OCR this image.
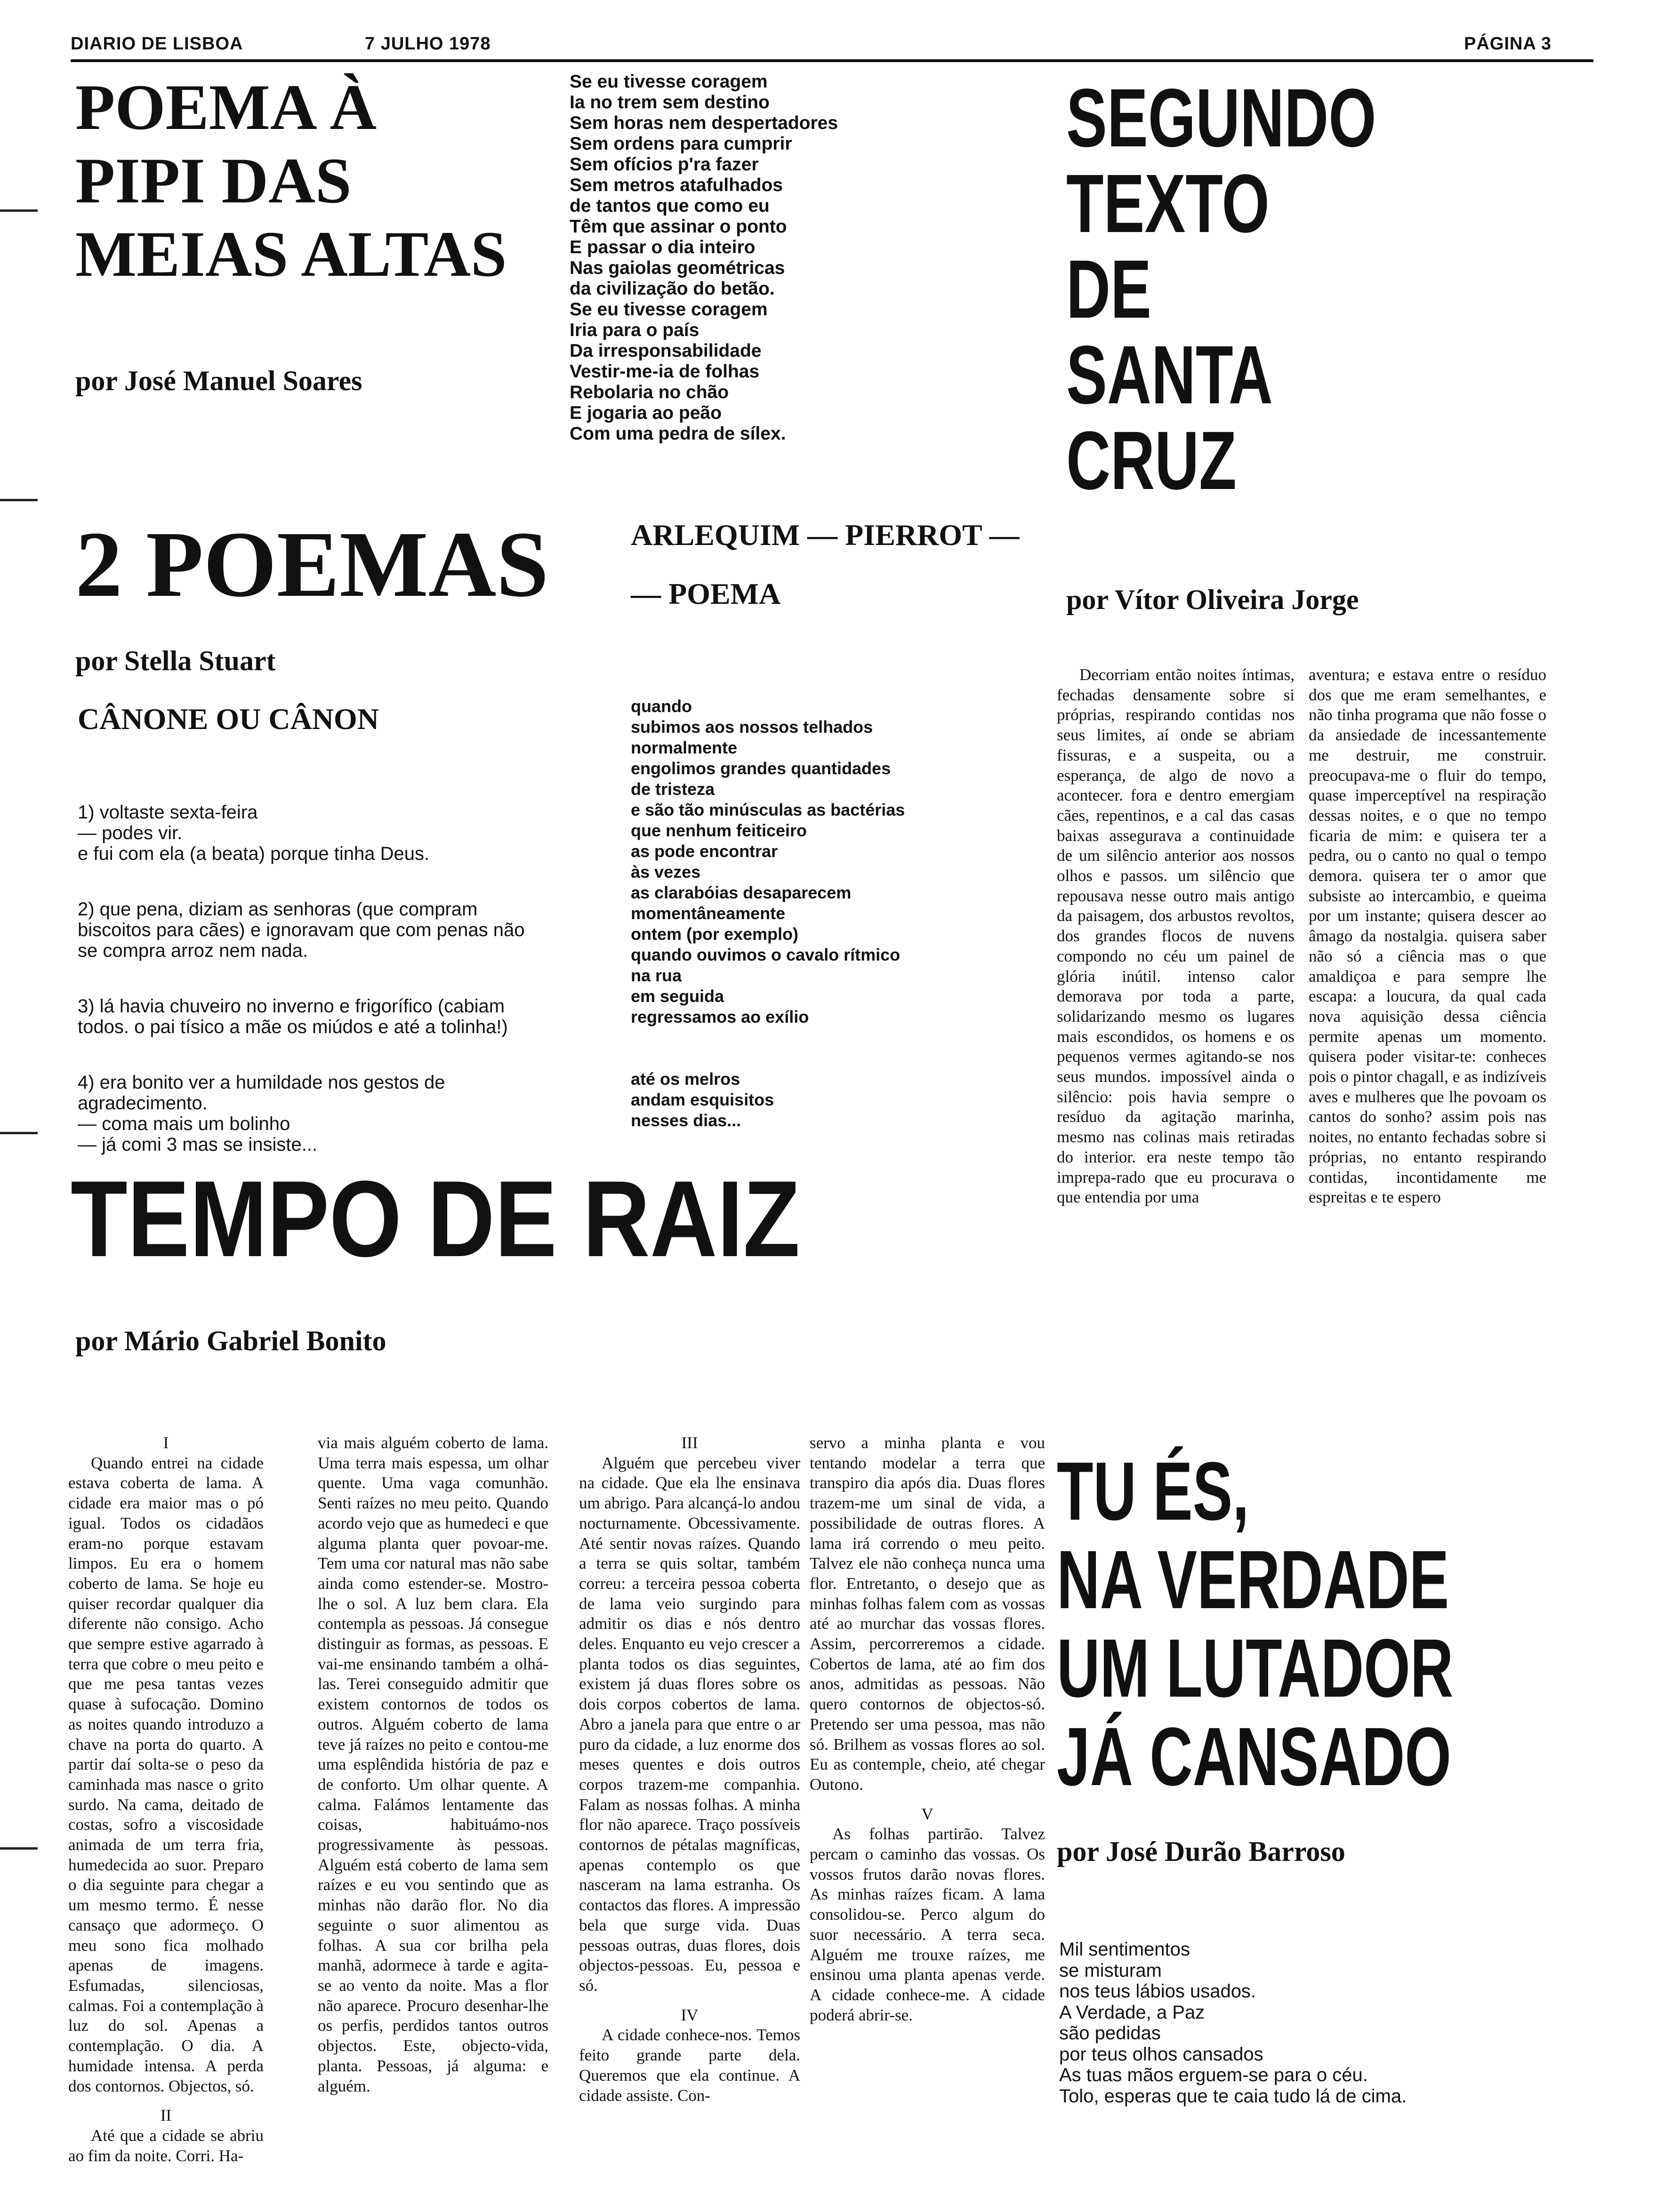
DIARIO DE LISBOA	7 JULHO 1978	PÁGINA 3
POEMA À
PIPI DAS
MEIAS ALTAS
por José Manuel Soares
Se eu tivesse coragem
Ia no trem sem destino
Sem horas nem despertadores
Sem ordens para cumprir
Sem ofícios p'ra fazer
Sem metros atafulhados
de tantos que como eu
Têm que assinar o ponto
E passar o dia inteiro
Nas gaiolas geométricas
da civilização do betão.
Se eu tivesse coragem
Iria para o país
Da irresponsabilidade
Vestir-me-ia de folhas
Rebolaria no chão
E jogaria ao peão
Com uma pedra de sílex.
SEGUNDO
TEXTO
DE
SANTA
CRUZ
por Vítor Oliveira Jorge

Decorriam então noites íntimas, fechadas densamente sobre si próprias, respirando contidas nos seus limites, aí onde se abriam fissuras, e a suspeita, ou a esperança, de algo de novo a acontecer. fora e dentro emergiam cães, repentinos, e a cal das casas baixas assegurava a continuidade de um silêncio anterior aos nossos olhos e passos. um silêncio que repousava nesse outro mais antigo da paisagem, dos arbustos revoltos, dos grandes flocos de nuvens compondo no céu um painel de glória inútil. intenso calor demorava por toda a parte, solidarizando mesmo os lugares mais escondidos, os homens e os pequenos vermes agitando-se nos seus mundos. impossível ainda o silêncio: pois havia sempre o resíduo da agitação marinha, mesmo nas colinas mais retiradas do interior. era neste tempo tão imprepa-rado que eu procurava o que entendia por uma

aventura; e estava entre o resíduo dos que me eram semelhantes, e não tinha programa que não fosse o da ansiedade de incessantemente me destruir, me construir. preocupava-me o fluir do tempo, quase imperceptível na respiração dessas noites, e o que no tempo ficaria de mim: e quisera ter a pedra, ou o canto no qual o tempo demora. quisera ter o amor que subsiste ao intercambio, e queima por um instante; quisera descer ao âmago da nostalgia. quisera saber não só a ciência mas o que amaldiçoa e para sempre lhe escapa: a loucura, da qual cada nova aquisição dessa ciência permite apenas um momento. quisera poder visitar-te: conheces pois o pintor chagall, e as indizíveis aves e mulheres que lhe povoam os cantos do sonho? assim pois nas noites, no entanto fechadas sobre si próprias, no entanto respirando contidas, incontidamente me espreitas e te espero

2 POEMAS
por Stella Stuart
CÂNONE OU CÂNON

1) voltaste sexta-feira
— podes vir.
e fui com ela (a beata) porque tinha Deus.

2) que pena, diziam as senhoras (que compram biscoitos para cães) e ignoravam que com penas não se compra arroz nem nada.

3) lá havia chuveiro no inverno e frigorífico (cabiam todos. o pai tísico a mãe os miúdos e até a tolinha!)

4) era bonito ver a humildade nos gestos de agradecimento.
— coma mais um bolinho
— já comi 3 mas se insiste...

ARLEQUIM — PIERROT —
— POEMA

quando
subimos aos nossos telhados
normalmente
engolimos grandes quantidades
de tristeza
e são tão minúsculas as bactérias
que nenhum feiticeiro
as pode encontrar
às vezes
as clarabóias desaparecem
momentâneamente
ontem (por exemplo)
quando ouvimos o cavalo rítmico
na rua
em seguida
regressamos ao exílio

até os melros
andam esquisitos
nesses dias...

TEMPO DE RAIZ
por Mário Gabriel Bonito
I

Quando entrei na cidade estava coberta de lama. A cidade era maior mas o pó igual. Todos os cidadãos eram-no porque estavam limpos. Eu era o homem coberto de lama. Se hoje eu quiser recordar qualquer dia diferente não consigo. Acho que sempre estive agarrado à terra que cobre o meu peito e que me pesa tantas vezes quase à sufocação. Domino as noites quando introduzo a chave na porta do quarto. A partir daí solta-se o peso da caminhada mas nasce o grito surdo. Na cama, deitado de costas, sofro a viscosidade animada de um terra fria, humedecida ao suor. Preparo o dia seguinte para chegar a um mesmo termo. É nesse cansaço que adormeço. O meu sono fica molhado apenas de imagens. Esfumadas, silenciosas, calmas. Foi a contemplação à luz do sol. Apenas a contemplação. O dia. A humidade intensa. A perda dos contornos. Objectos, só.

II

Até que a cidade se abriu ao fim da noite. Corri. Ha-

via mais alguém coberto de lama. Uma terra mais espessa, um olhar quente. Uma vaga comunhão. Senti raízes no meu peito. Quando acordo vejo que as humedeci e que alguma planta quer povoar-me. Tem uma cor natural mas não sabe ainda como estender-se. Mostro-lhe o sol. A luz bem clara. Ela contempla as pessoas. Já consegue distinguir as formas, as pessoas. E vai-me ensinando também a olhá-las. Terei conseguido admitir que existem contornos de todos os outros. Alguém coberto de lama teve já raízes no peito e contou-me uma esplêndida história de paz e de conforto. Um olhar quente. A calma. Falámos lentamente das coisas, habituámo-nos progressivamente às pessoas. Alguém está coberto de lama sem raízes e eu vou sentindo que as minhas não darão flor. No dia seguinte o suor alimentou as folhas. A sua cor brilha pela manhã, adormece à tarde e agita-se ao vento da noite. Mas a flor não aparece. Procuro desenhar-lhe os perfis, perdidos tantos outros objectos. Este, objecto-vida, planta. Pessoas, já alguma: e alguém.

III

Alguém que percebeu viver na cidade. Que ela lhe ensinava um abrigo. Para alcançá-lo andou nocturnamente. Obcessivamente. Até sentir novas raízes. Quando a terra se quis soltar, também correu: a terceira pessoa coberta de lama veio surgindo para admitir os dias e nós dentro deles. Enquanto eu vejo crescer a planta todos os dias seguintes, existem já duas flores sobre os dois corpos cobertos de lama. Abro a janela para que entre o ar puro da cidade, a luz enorme dos meses quentes e dois outros corpos trazem-me companhia. Falam as nossas folhas. A minha flor não aparece. Traço possíveis contornos de pétalas magníficas, apenas contemplo os que nasceram na lama estranha. Os contactos das flores. A impressão bela que surge vida. Duas pessoas outras, duas flores, dois objectos-pessoas. Eu, pessoa e só.

IV

A cidade conhece-nos. Temos feito grande parte dela. Queremos que ela continue. A cidade assiste. Con-

servo a minha planta e vou tentando modelar a terra que transpiro dia após dia. Duas flores trazem-me um sinal de vida, a possibilidade de outras flores. A lama irá correndo o meu peito. Talvez ele não conheça nunca uma flor. Entretanto, o desejo que as minhas folhas falem com as vossas até ao murchar das vossas flores. Assim, percorreremos a cidade. Cobertos de lama, até ao fim dos anos, admitidas as pessoas. Não quero contornos de objectos-só. Pretendo ser uma pessoa, mas não só. Brilhem as vossas flores ao sol. Eu as contemple, cheio, até chegar Outono.

V

As folhas partirão. Talvez percam o caminho das vossas. Os vossos frutos darão novas flores. As minhas raízes ficam. A lama consolidou-se. Perco algum do suor necessário. A terra seca. Alguém me trouxe raízes, me ensinou uma planta apenas verde. A cidade conhece-me. A cidade poderá abrir-se.

TU ÉS,
NA VERDADE
UM LUTADOR
JÁ CANSADO
por José Durão Barroso
Mil sentimentos
se misturam
nos teus lábios usados.
A Verdade, a Paz
são pedidas
por teus olhos cansados
As tuas mãos erguem-se para o céu.
Tolo, esperas que te caia tudo lá de cima.
